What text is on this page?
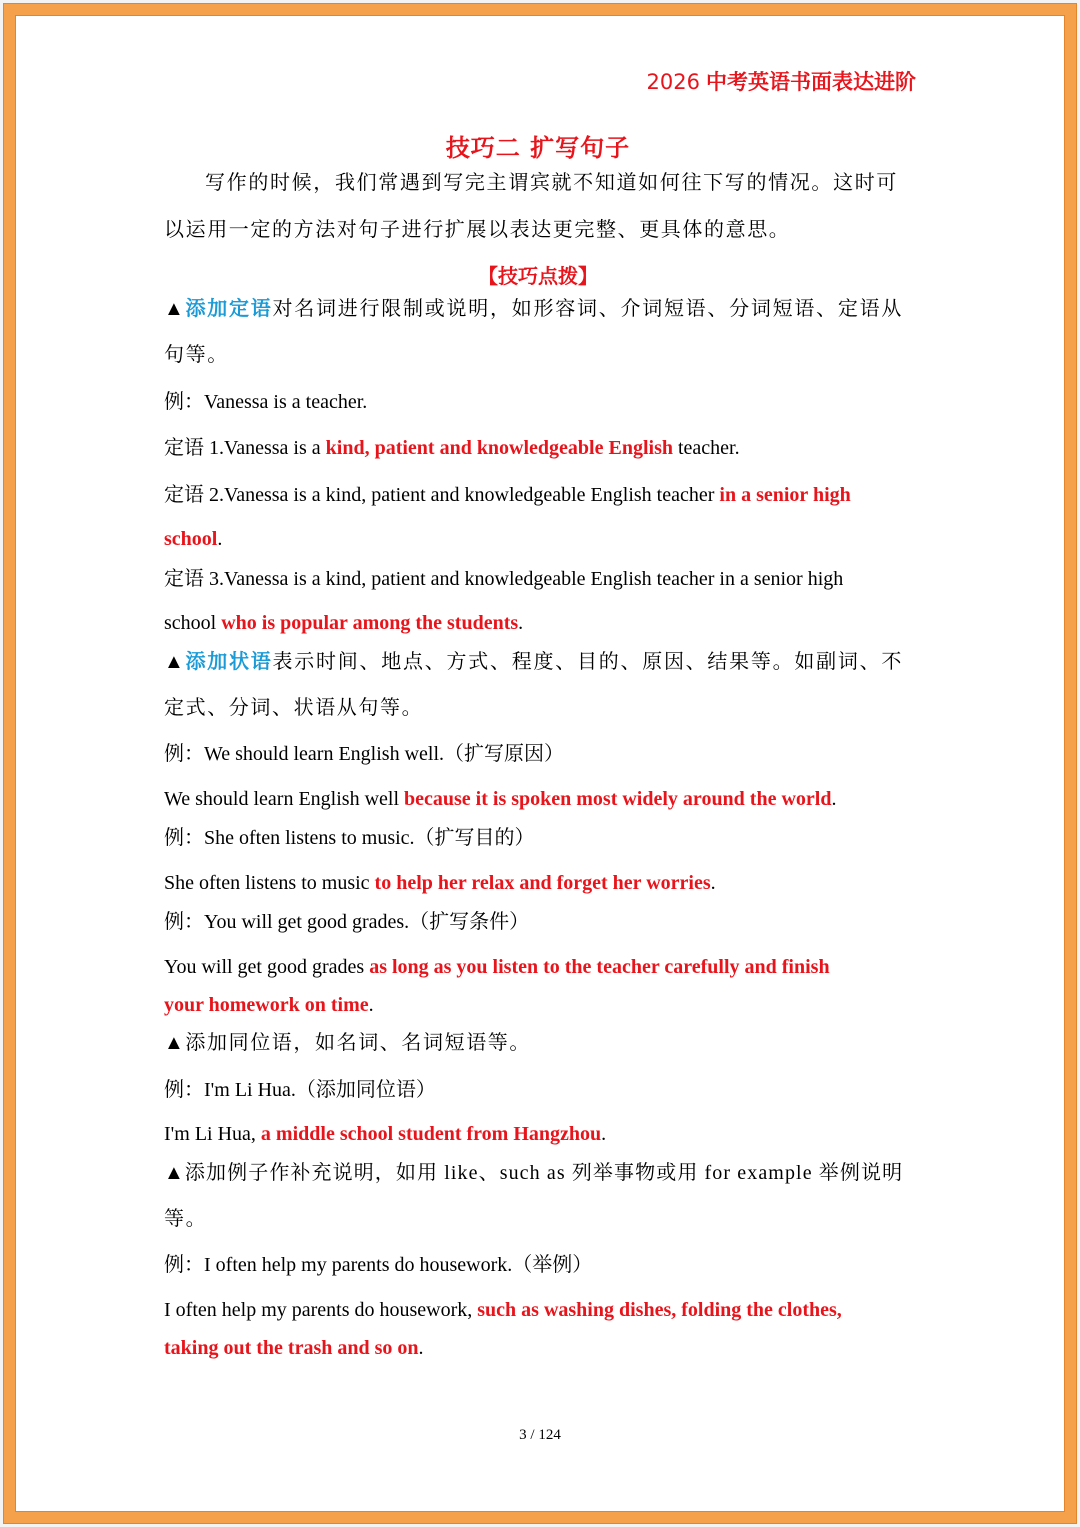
2026 中考英语书面表达进阶
技巧二 扩写句子
写作的时候，我们常遇到写完主谓宾就不知道如何往下写的情况。这时可
以运用一定的方法对句子进行扩展以表达更完整、更具体的意思。
【技巧点拨】
▲添加定语对名词进行限制或说明，如形容词、介词短语、分词短语、定语从
句等。
例：Vanessa is a teacher.
定语 1.Vanessa is a kind, patient and knowledgeable English teacher.
定语 2.Vanessa is a kind, patient and knowledgeable English teacher in a senior high
school.
定语 3.Vanessa is a kind, patient and knowledgeable English teacher in a senior high
school who is popular among the students.
▲添加状语表示时间、地点、方式、程度、目的、原因、结果等。如副词、不
定式、分词、状语从句等。
例：We should learn English well.（扩写原因）
We should learn English well because it is spoken most widely around the world.
例：She often listens to music.（扩写目的）
She often listens to music to help her relax and forget her worries.
例：You will get good grades.（扩写条件）
You will get good grades as long as you listen to the teacher carefully and finish
your homework on time.
▲添加同位语，如名词、名词短语等。
例：I'm Li Hua.（添加同位语）
I'm Li Hua, a middle school student from Hangzhou.
▲添加例子作补充说明，如用 like、such as 列举事物或用 for example 举例说明
等。
例：I often help my parents do housework.（举例）
I often help my parents do housework, such as washing dishes, folding the clothes,
taking out the trash and so on.
3 / 124
